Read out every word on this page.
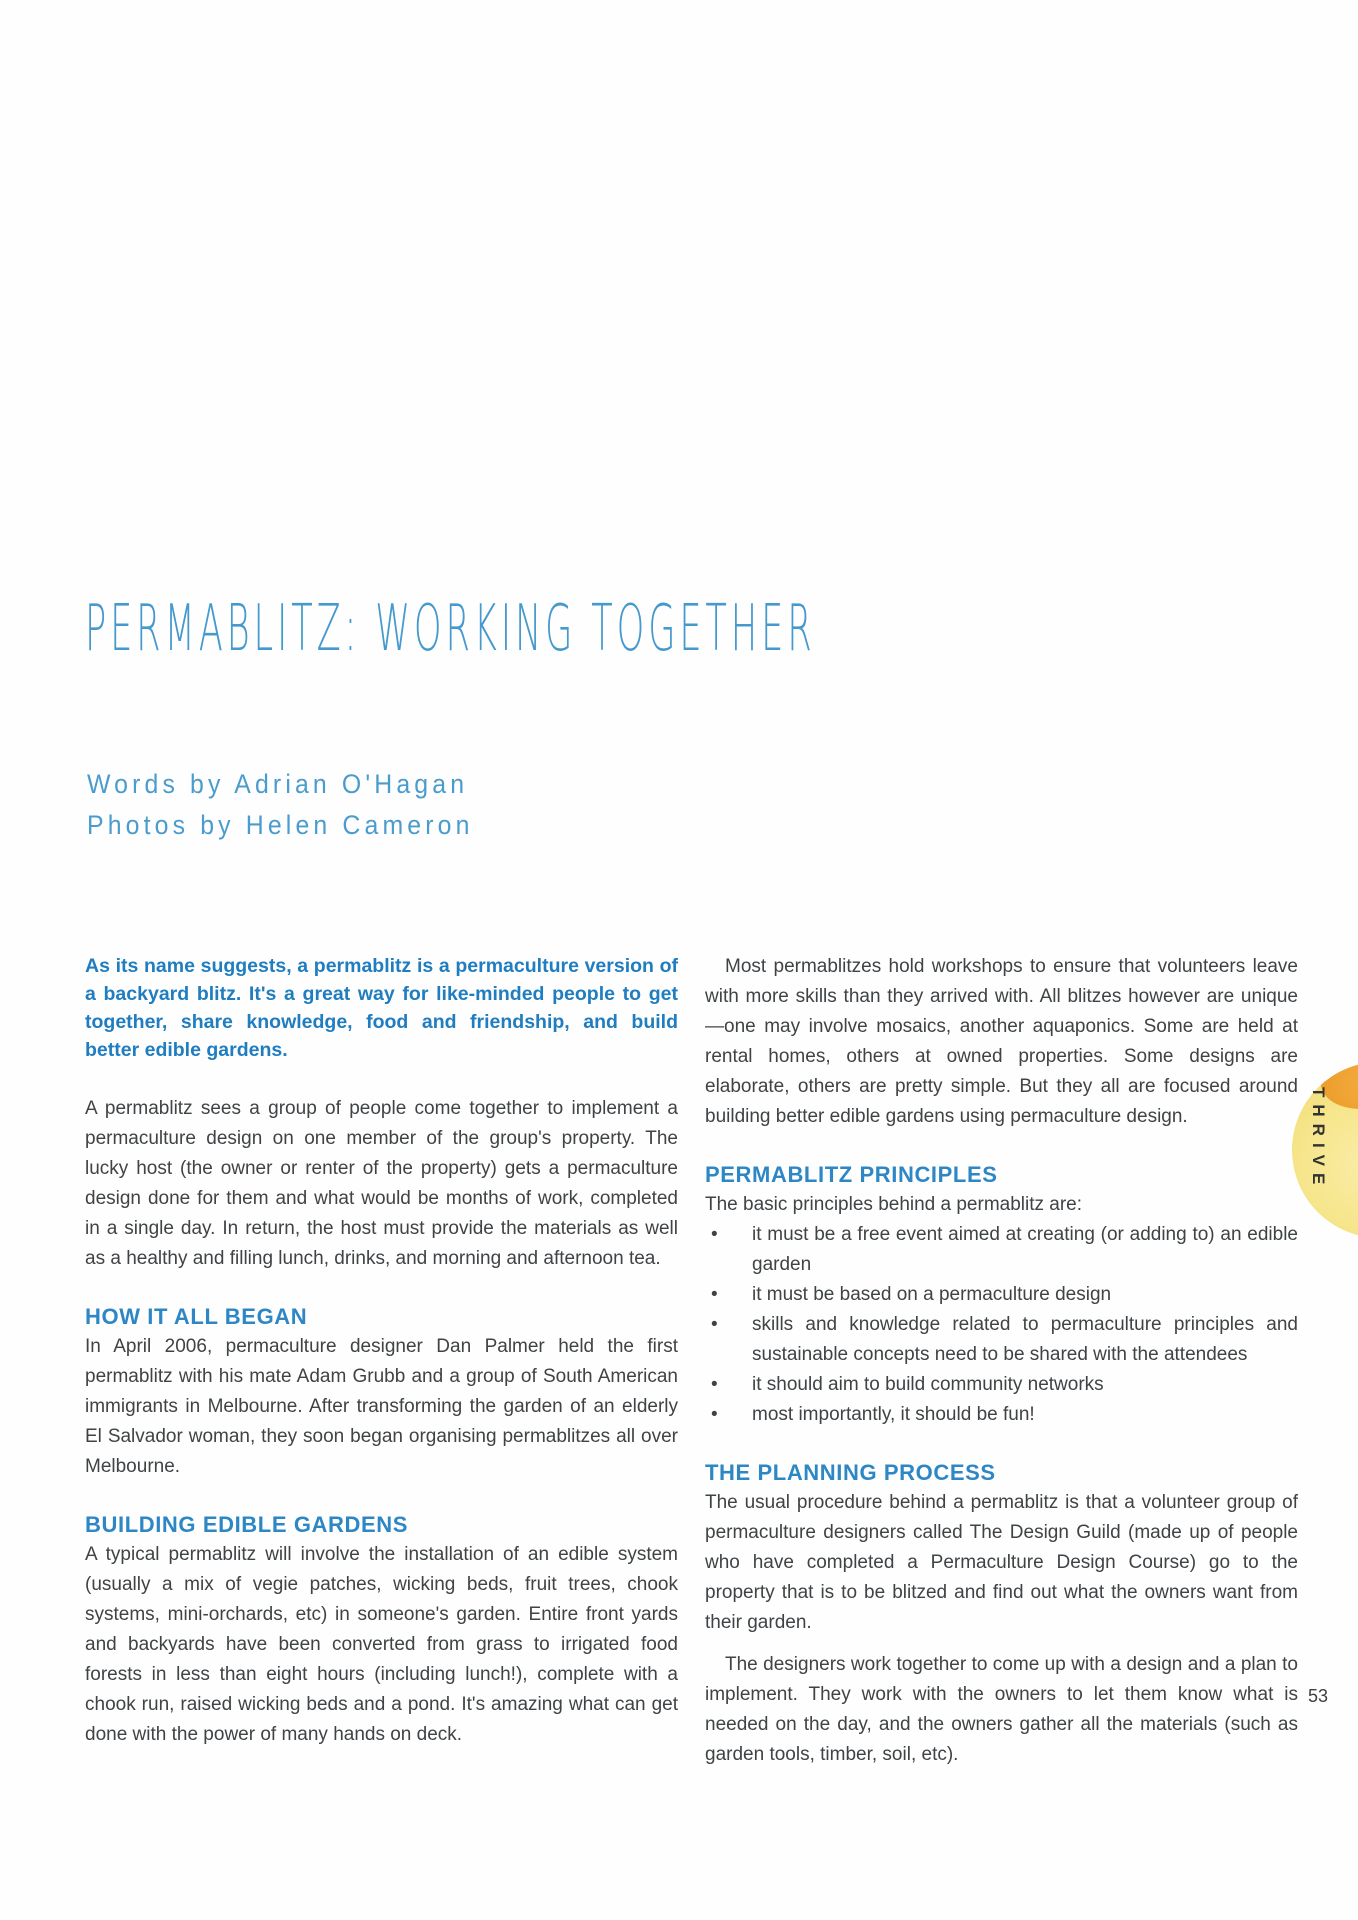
PERMABLITZ: WORKING TOGETHER
Words by Adrian O'Hagan
Photos by Helen Cameron

As its name suggests, a permablitz is a permaculture version of a backyard blitz. It's a great way for like-minded people to get together, share knowledge, food and friendship, and build better edible gardens.

A permablitz sees a group of people come together to implement a permaculture design on one member of the group's property. The lucky host (the owner or renter of the property) gets a permaculture design done for them and what would be months of work, completed in a single day. In return, the host must provide the materials as well as a healthy and filling lunch, drinks, and morning and afternoon tea.

HOW IT ALL BEGAN

In April 2006, permaculture designer Dan Palmer held the first permablitz with his mate Adam Grubb and a group of South American immigrants in Melbourne. After transforming the garden of an elderly El Salvador woman, they soon began organising permablitzes all over Melbourne.

BUILDING EDIBLE GARDENS

A typical permablitz will involve the installation of an edible system (usually a mix of vegie patches, wicking beds, fruit trees, chook systems, mini-orchards, etc) in someone's garden. Entire front yards and backyards have been converted from grass to irrigated food forests in less than eight hours (including lunch!), complete with a chook run, raised wicking beds and a pond. It's amazing what can get done with the power of many hands on deck.

Most permablitzes hold workshops to ensure that volunteers leave with more skills than they arrived with. All blitzes however are unique—one may involve mosaics, another aquaponics. Some are held at rental homes, others at owned properties. Some designs are elaborate, others are pretty simple. But they all are focused around building better edible gardens using permaculture design.

PERMABLITZ PRINCIPLES

The basic principles behind a permablitz are:

• it must be a free event aimed at creating (or adding to) an edible garden
• it must be based on a permaculture design
• skills and knowledge related to permaculture principles and sustainable concepts need to be shared with the attendees
• it should aim to build community networks
• most importantly, it should be fun!
THE PLANNING PROCESS

The usual procedure behind a permablitz is that a volunteer group of permaculture designers called The Design Guild (made up of people who have completed a Permaculture Design Course) go to the property that is to be blitzed and find out what the owners want from their garden.

The designers work together to come up with a design and a plan to implement. They work with the owners to let them know what is needed on the day, and the owners gather all the materials (such as garden tools, timber, soil, etc).

THRIVE
53
